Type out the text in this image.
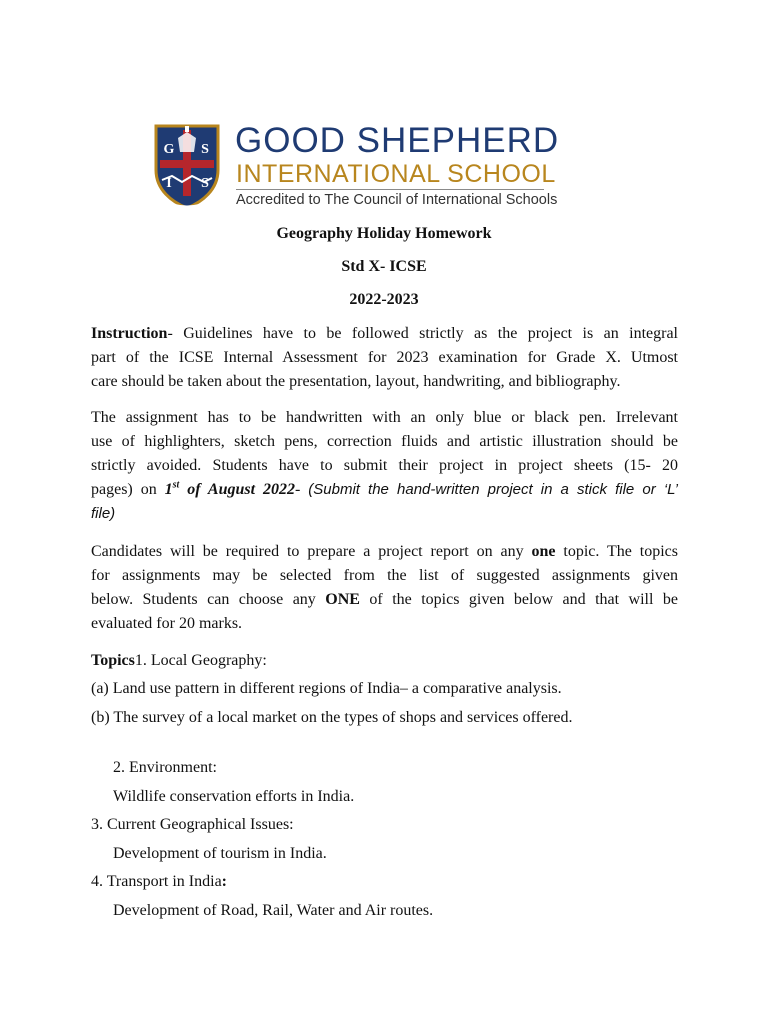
G S
I S
GOOD SHEPHERD
INTERNATIONAL SCHOOL
Accredited to The Council of International Schools
Geography Holiday Homework
Std X- ICSE
2022-2023
Instruction- Guidelines have to be followed strictly as the project is an integral
part of the ICSE Internal Assessment for 2023 examination for Grade X. Utmost
care should be taken about the presentation, layout, handwriting, and bibliography.
The assignment has to be handwritten with an only blue or black pen. Irrelevant
use of highlighters, sketch pens, correction fluids and artistic illustration should be
strictly avoided. Students have to submit their project in project sheets (15- 20
pages) on 1st of August 2022- (Submit the hand-written project in a stick file or ‘L’
file)
Candidates will be required to prepare a project report on any one topic. The topics
for assignments may be selected from the list of suggested assignments given
below. Students can choose any ONE of the topics given below and that will be
evaluated for 20 marks.
Topics1. Local Geography:
(a) Land use pattern in different regions of India– a comparative analysis.
(b) The survey of a local market on the types of shops and services offered.
2. Environment:
Wildlife conservation efforts in India.
3. Current Geographical Issues:
Development of tourism in India.
4. Transport in India:
Development of Road, Rail, Water and Air routes.
